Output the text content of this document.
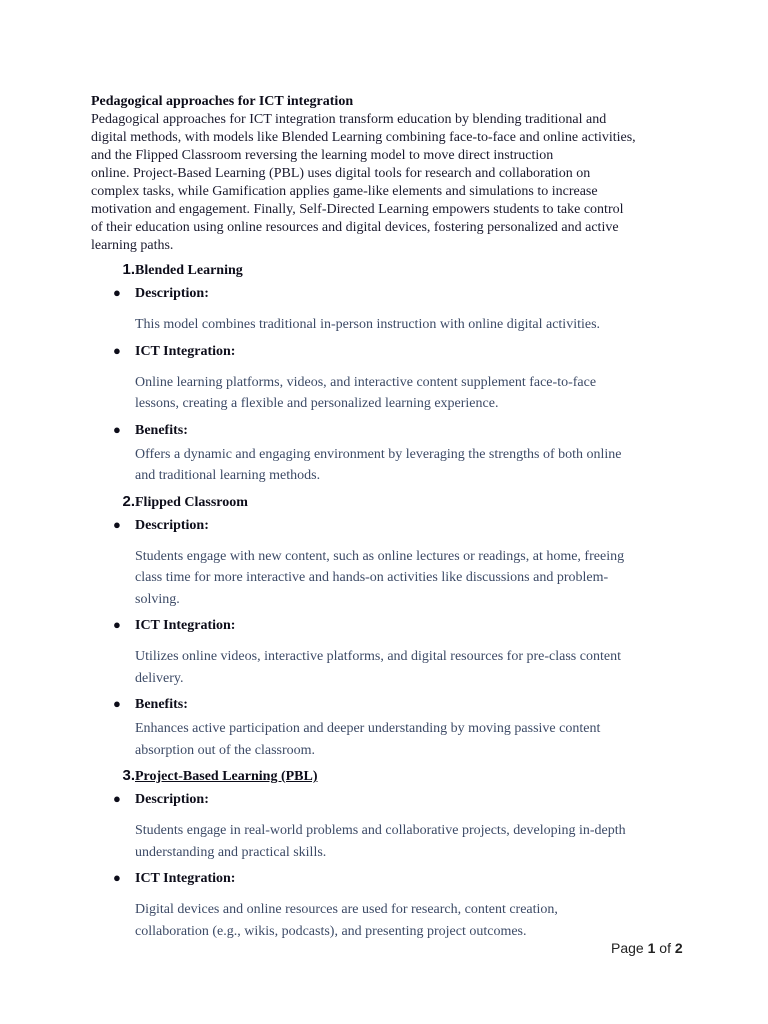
Pedagogical approaches for ICT integration
Pedagogical approaches for ICT integration transform education by blending traditional and
digital methods, with models like Blended Learning combining face-to-face and online activities,
and the Flipped Classroom reversing the learning model to move direct instruction
online. Project-Based Learning (PBL) uses digital tools for research and collaboration on
complex tasks, while Gamification applies game-like elements and simulations to increase
motivation and engagement. Finally, Self-Directed Learning empowers students to take control
of their education using online resources and digital devices, fostering personalized and active
learning paths.
1. Blended Learning
●	Description:
This model combines traditional in-person instruction with online digital activities.
●	ICT Integration:
Online learning platforms, videos, and interactive content supplement face-to-face
lessons, creating a flexible and personalized learning experience.
●	Benefits:
Offers a dynamic and engaging environment by leveraging the strengths of both online
and traditional learning methods.
2. Flipped Classroom
●	Description:
Students engage with new content, such as online lectures or readings, at home, freeing
class time for more interactive and hands-on activities like discussions and problem-
solving.
●	ICT Integration:
Utilizes online videos, interactive platforms, and digital resources for pre-class content
delivery.
●	Benefits:
Enhances active participation and deeper understanding by moving passive content
absorption out of the classroom.
3. Project-Based Learning (PBL)
●	Description:
Students engage in real-world problems and collaborative projects, developing in-depth
understanding and practical skills.
●	ICT Integration:
Digital devices and online resources are used for research, content creation,
collaboration (e.g., wikis, podcasts), and presenting project outcomes.
Page 1 of 2
